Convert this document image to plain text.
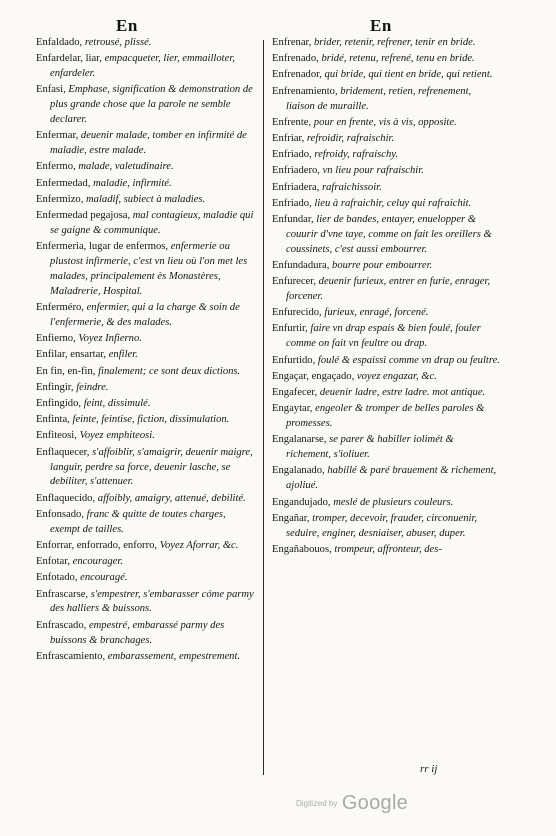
En	En
Enfaldado, retrousé, plissé.
Enfardelar, liar, empacqueter, lier, emmailloter, enfardeler.
Enfasi, Emphase, signification & demonstration de plus grande chose que la parole ne semble declarer.
Enfermar, deuenir malade, tomber en infirmité de maladie, estre malade.
Enfermo, malade, valetudinaire.
Enfermedad, maladie, infirmité.
Enfermizo, maladif, subiect à maladies.
Enfermedad pegajosa, mal contagieux, maladie qui se gaigne & communique.
Enfermeria, lugar de enfermos, enfermerie ou plustost infirmerie, c'est vn lieu où l'on met les malades, principalement ès Monastères, Maladrerie, Hospital.
Enferméro, enfermier, qui a la charge & soin de l'enfermerie, & des malades.
Enfierno, Voyez Infierno.
Enfilar, ensartar, enfiler.
En fin, en-fin, finalement; ce sont deux dictions.
Enfingir, feindre.
Enfingido, feint, dissimulé.
Enfinta, feinte, feintise, fiction, dissimulation.
Enfiteosi, Voyez emphiteosi.
Enflaquecer, s'affoiblir, s'amaigrir, deuenir maigre, languir, perdre sa force, deuenir lasche, se debiliter, s'attenuer.
Enflaquecido, affoibly, amaigry, attenué, debilité.
Enfonsado, franc & quitte de toutes charges, exempt de tailles.
Enforrar, enforrado, enforro, Voyez Aforrar, &c.
Enfotar, encourager.
Enfotado, encouragé.
Enfrascarse, s'empestrer, s'embarasser cóme parmy des halliers & buissons.
Enfrascado, empestré, embarassé parmy des buissons & branchages.
Enfrascamiento, embarassement, empestrement.
Enfrenar, brider, retenir, refrener, tenir en bride.
Enfrenado, bridé, retenu, refrené, tenu en bride.
Enfrenador, qui bride, qui tient en bride, qui retient.
Enfrenamiento, bridement, retien, refrenement, liaison de muraille.
Enfrente, pour en frente, vis à vis, opposite.
Enfriar, refroidir, rafraischir.
Enfriado, refroidy, rafraischy.
Enfriadero, vn lieu pour rafraischir.
Enfriadera, rafraichissoir.
Enfriado, lieu à rafraichir, celuy qui rafraichit.
Enfundar, lier de bandes, entayer, enuelopper & couurir d'vne taye, comme on fait les oreillers & coussinets, c'est aussi embourrer.
Enfundadura, bourre pour embourrer.
Enfurecer, deuenir furieux, entrer en furie, enrager, forcener.
Enfurecido, furieux, enragé, forcené.
Enfurtir, faire vn drap espais & bien foulé, fouler comme on fait vn feultre ou drap.
Enfurtido, foulé & espaissi comme vn drap ou feultre.
Engaçar, engaçado, voyez engazar, &c.
Engafecer, deuenir ladre, estre ladre. mot antique.
Engaytar, engeoler & tromper de belles paroles & promesses.
Engalanarse, se parer & habiller iolimét & richement, s'ioliuer.
Engalanado, habillé & paré brauement & richement, ajoliué.
Engandujado, meslé de plusieurs couleurs.
Engañar, tromper, decevoir, frauder, circonuenir, seduire, enginer, desniaiser, abuser, duper.
Engañabouos, trompeur, affronteur, des-
rr ij
Digitized by Google
